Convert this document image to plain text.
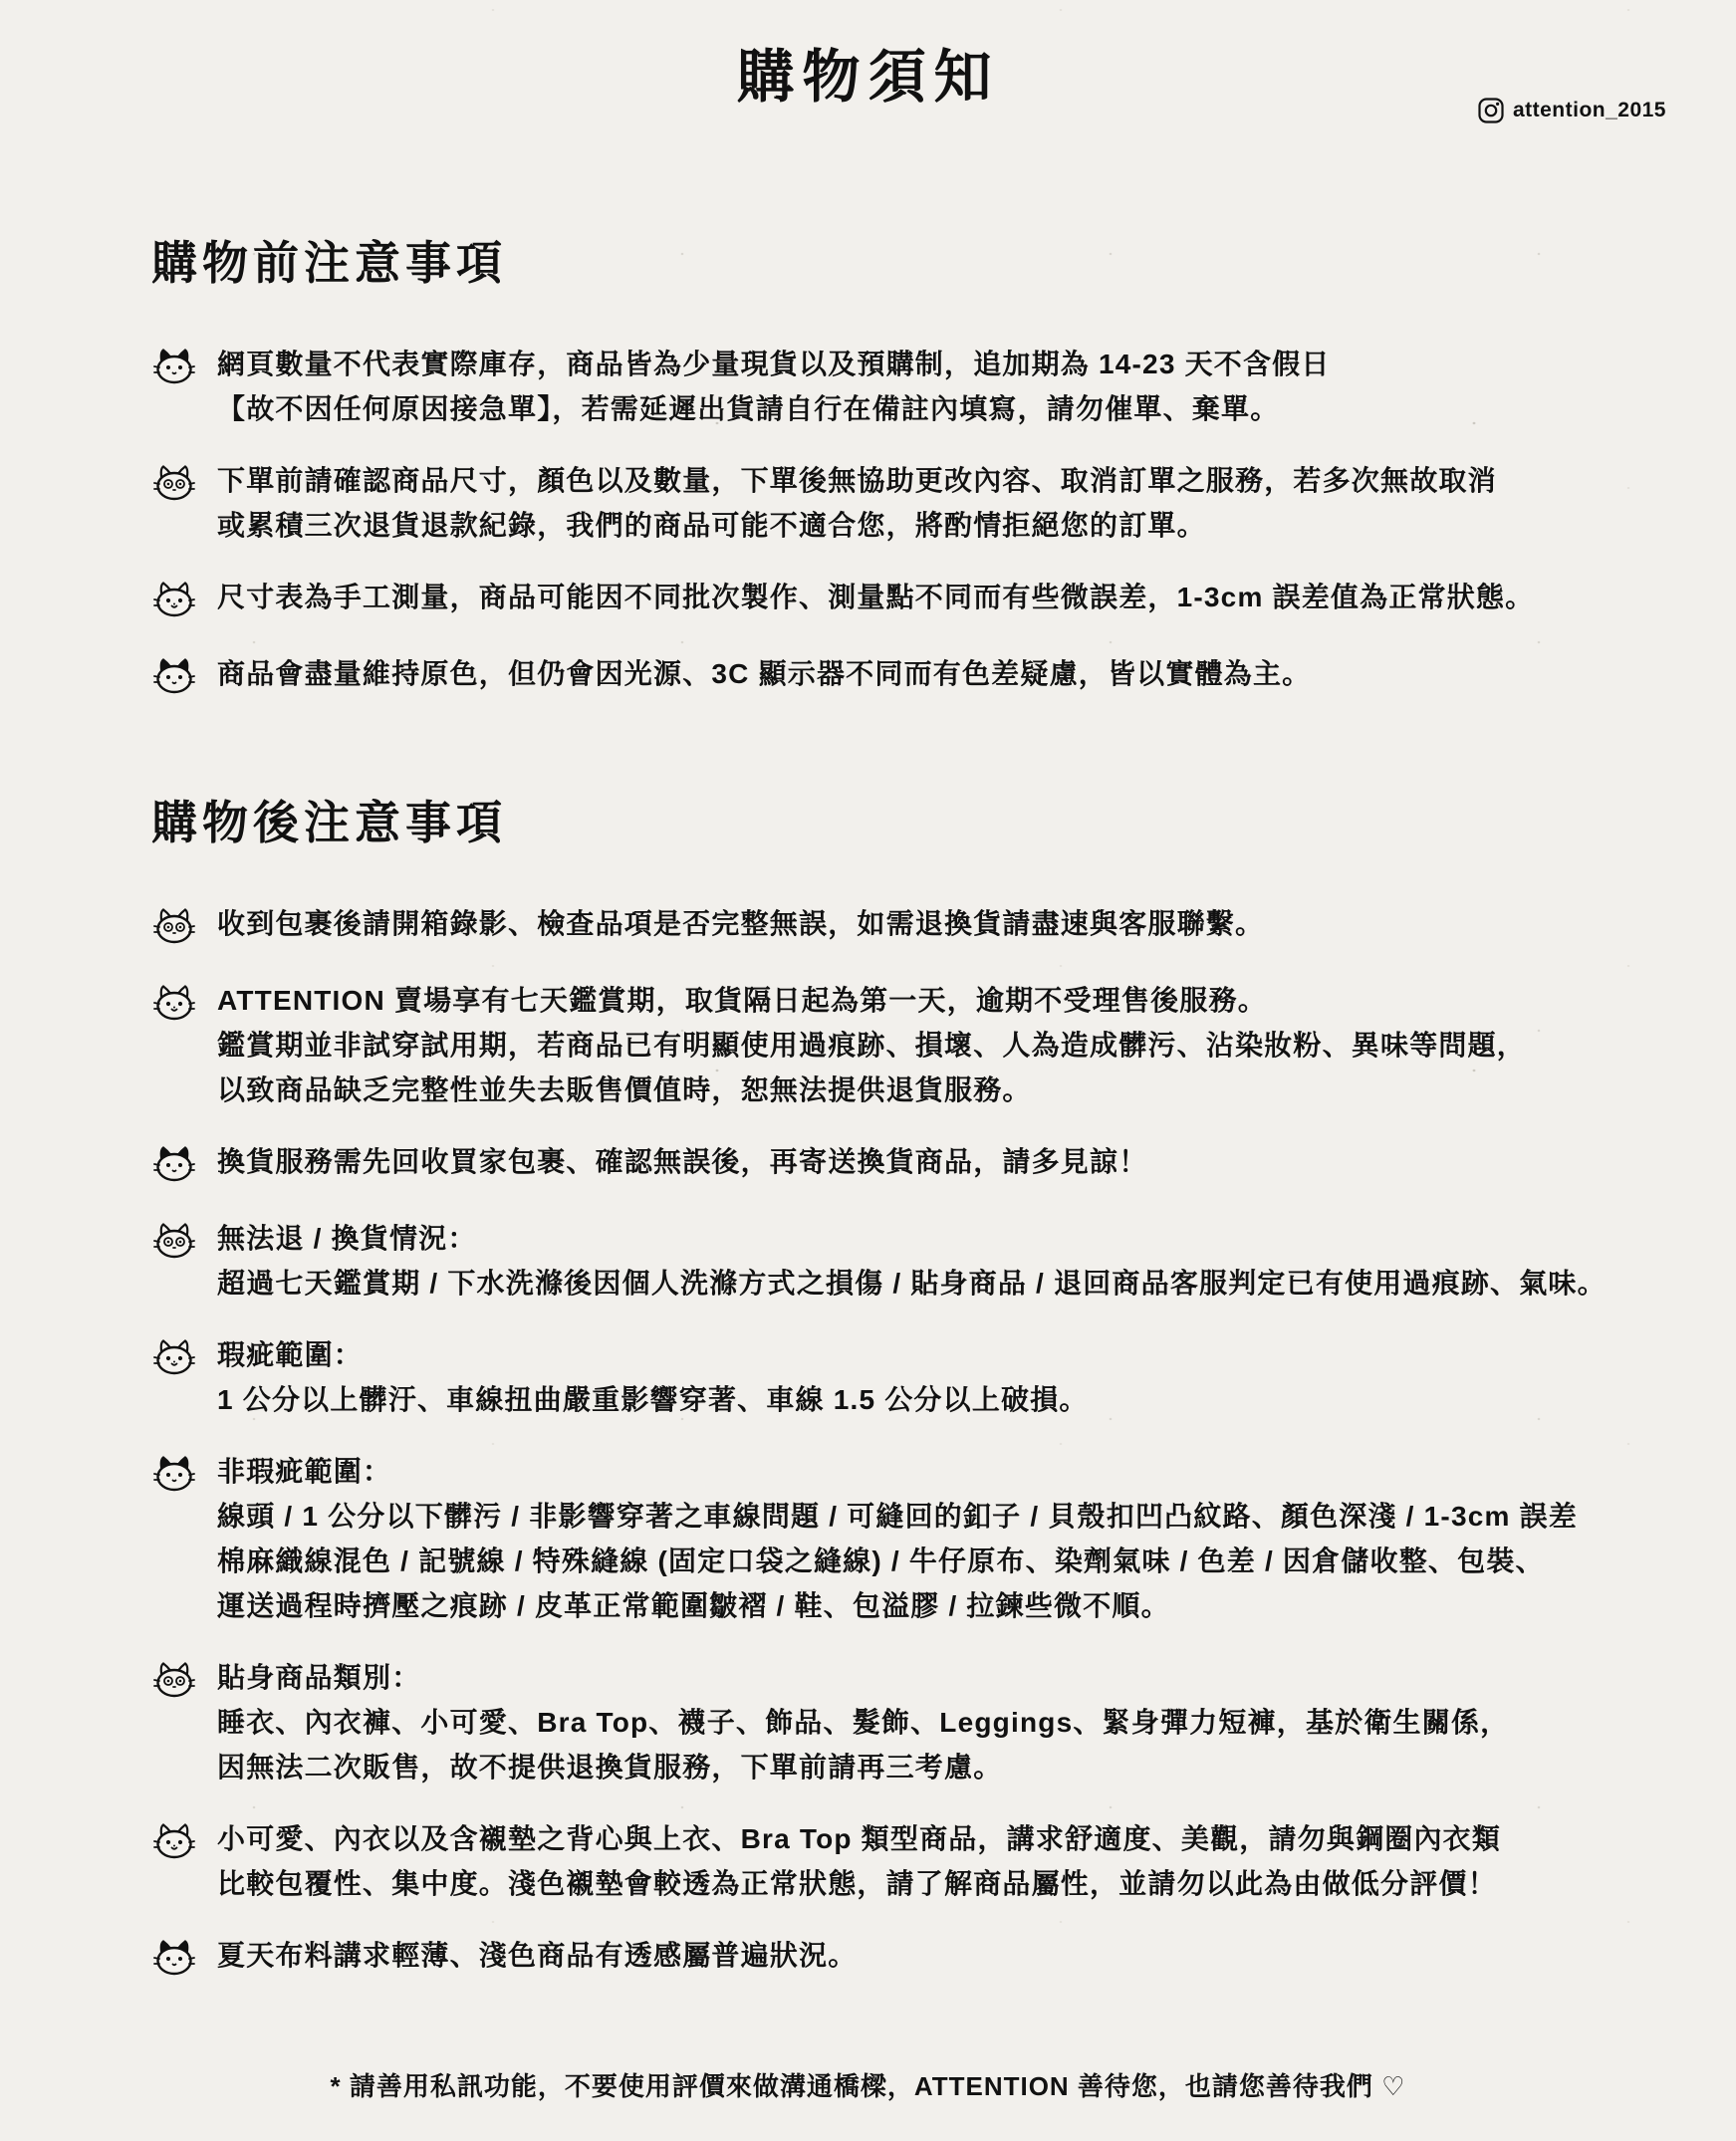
購物須知
attention_2015
購物前注意事項
網頁數量不代表實際庫存，商品皆為少量現貨以及預購制，追加期為 14-23 天不含假日
【故不因任何原因接急單】，若需延遲出貨請自行在備註內填寫，請勿催單、棄單。
下單前請確認商品尺寸，顏色以及數量，下單後無協助更改內容、取消訂單之服務，若多次無故取消
或累積三次退貨退款紀錄，我們的商品可能不適合您，將酌情拒絕您的訂單。
尺寸表為手工測量，商品可能因不同批次製作、測量點不同而有些微誤差，1-3cm 誤差值為正常狀態。
商品會盡量維持原色，但仍會因光源、3C 顯示器不同而有色差疑慮，皆以實體為主。
購物後注意事項
收到包裹後請開箱錄影、檢查品項是否完整無誤，如需退換貨請盡速與客服聯繫。
ATTENTION 賣場享有七天鑑賞期，取貨隔日起為第一天，逾期不受理售後服務。
鑑賞期並非試穿試用期，若商品已有明顯使用過痕跡、損壞、人為造成髒污、沾染妝粉、異味等問題，
以致商品缺乏完整性並失去販售價值時，恕無法提供退貨服務。
換貨服務需先回收買家包裹、確認無誤後，再寄送換貨商品，請多見諒！
無法退 / 換貨情況：
超過七天鑑賞期 / 下水洗滌後因個人洗滌方式之損傷 / 貼身商品 / 退回商品客服判定已有使用過痕跡、氣味。
瑕疵範圍：
1 公分以上髒汙、車線扭曲嚴重影響穿著、車線 1.5 公分以上破損。
非瑕疵範圍：
線頭 / 1 公分以下髒污 / 非影響穿著之車線問題 / 可縫回的釦子 / 貝殼扣凹凸紋路、顏色深淺 / 1-3cm 誤差
棉麻織線混色 / 記號線 / 特殊縫線 (固定口袋之縫線) / 牛仔原布、染劑氣味 / 色差 / 因倉儲收整、包裝、
運送過程時擠壓之痕跡 / 皮革正常範圍皺褶 / 鞋、包溢膠 / 拉鍊些微不順。
貼身商品類別：
睡衣、內衣褲、小可愛、Bra Top、襪子、飾品、髮飾、Leggings、緊身彈力短褲，基於衛生關係，
因無法二次販售，故不提供退換貨服務，下單前請再三考慮。
小可愛、內衣以及含襯墊之背心與上衣、Bra Top 類型商品，講求舒適度、美觀，請勿與鋼圈內衣類
比較包覆性、集中度。淺色襯墊會較透為正常狀態，請了解商品屬性，並請勿以此為由做低分評價！
夏天布料講求輕薄、淺色商品有透感屬普遍狀況。
* 請善用私訊功能，不要使用評價來做溝通橋樑，ATTENTION 善待您，也請您善待我們 ♡
